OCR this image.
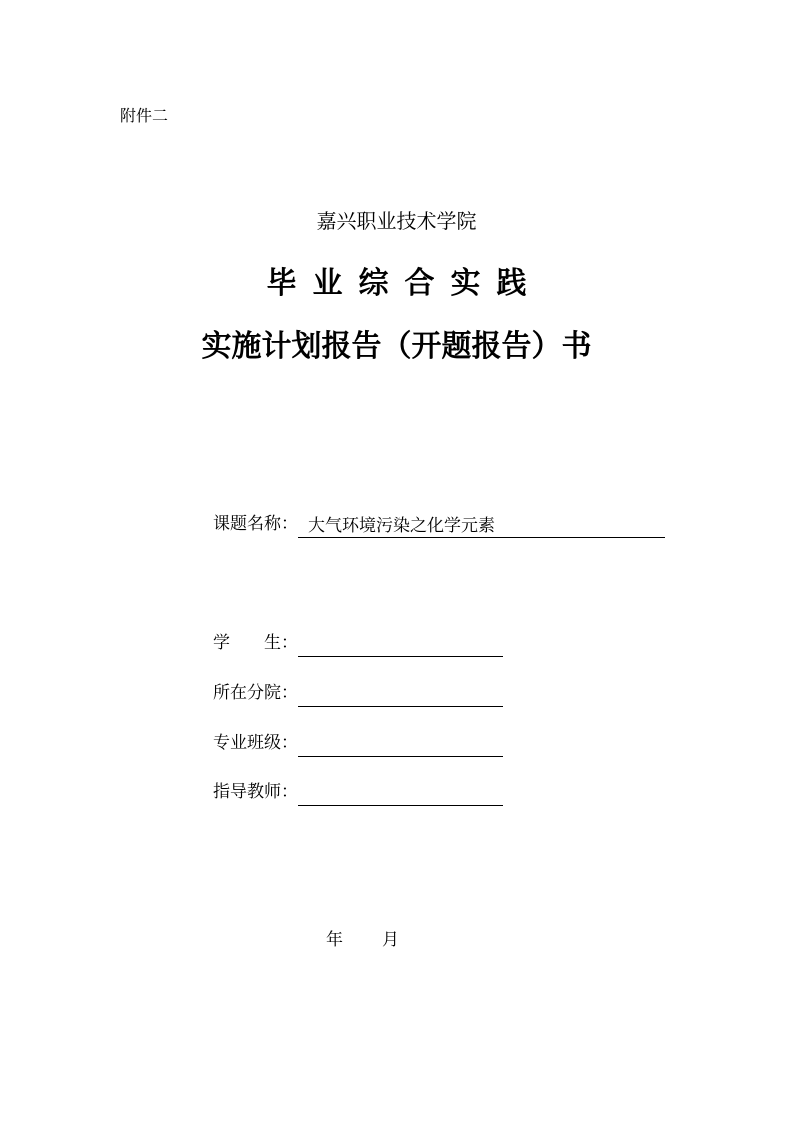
附件二
嘉兴职业技术学院
毕业综合实践
实施计划报告（开题报告）书
课题名称： 大气环境污染之化学元素
学　　生：
所在分院：
专业班级：
指导教师：
年 月
